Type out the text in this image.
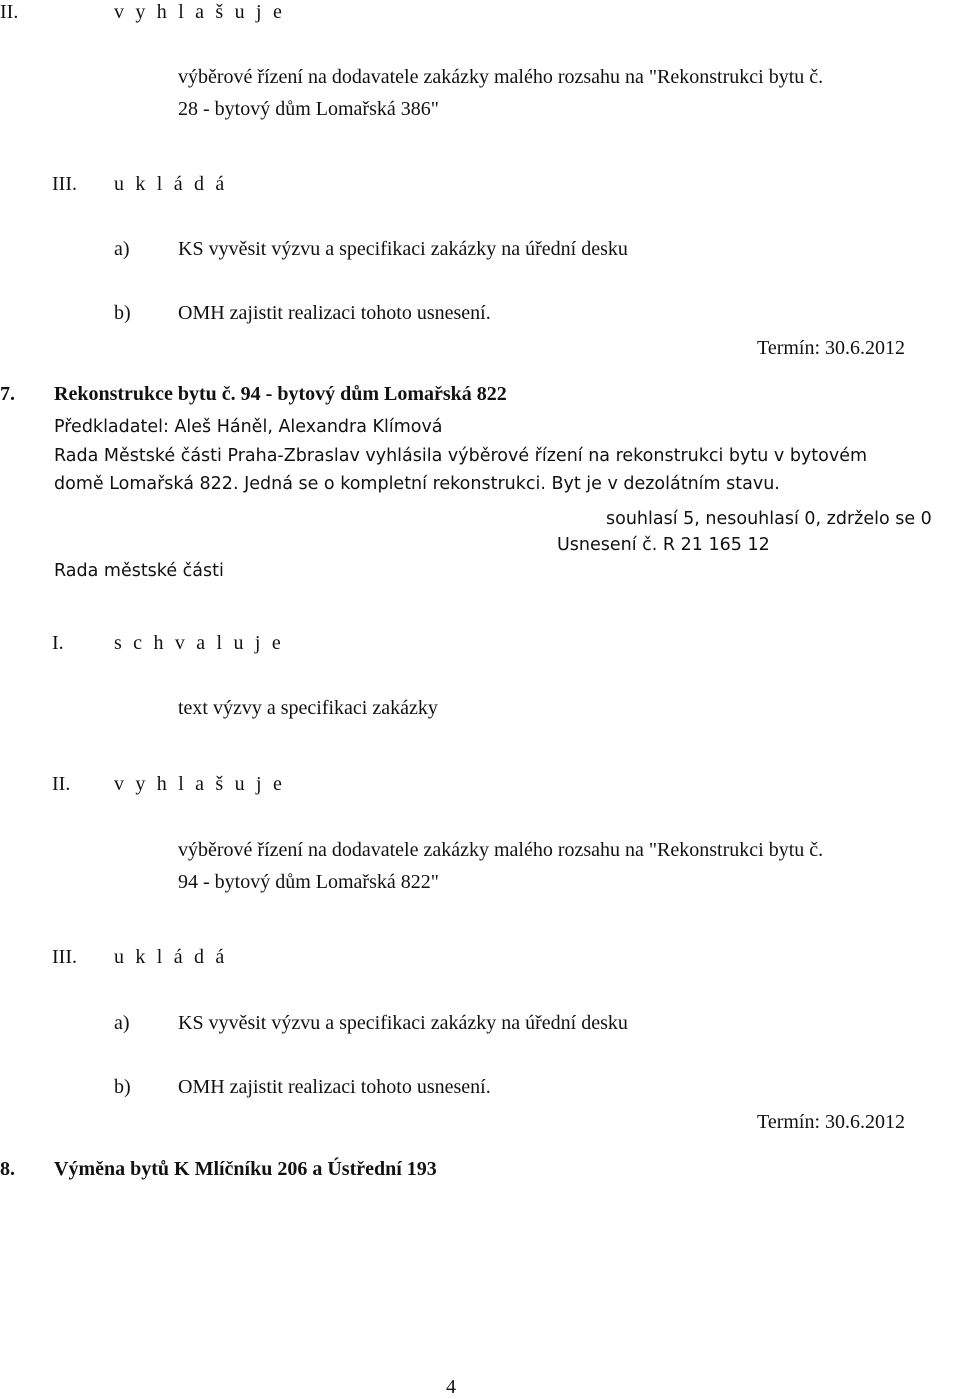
II.	v y h l a š u j e
výběrové řízení na dodavatele zakázky malého rozsahu na "Rekonstrukci bytu č.
28 - bytový dům Lomařská 386"
III. u k l á d á
a) KS vyvěsit výzvu a specifikaci zakázky na úřední desku
b) OMH zajistit realizaci tohoto usnesení.
Termín: 30.6.2012
7. Rekonstrukce bytu č. 94 - bytový dům Lomařská 822
Předkladatel: Aleš Háněl, Alexandra Klímová
Rada Městské části Praha-Zbraslav vyhlásila výběrové řízení na rekonstrukci bytu v bytovém
domě Lomařská 822. Jedná se o kompletní rekonstrukci. Byt je v dezolátním stavu.
souhlasí 5, nesouhlasí 0, zdrželo se 0
Usnesení č. R 21 165 12
Rada městské části
I.	s c h v a l u j e
text výzvy a specifikaci zakázky
II. v y h l a š u j e
výběrové řízení na dodavatele zakázky malého rozsahu na "Rekonstrukci bytu č.
94 - bytový dům Lomařská 822"
III. u k l á d á
a) KS vyvěsit výzvu a specifikaci zakázky na úřední desku
b) OMH zajistit realizaci tohoto usnesení.
Termín: 30.6.2012
8. Výměna bytů K Mlíčníku 206 a Ústřední 193
4
